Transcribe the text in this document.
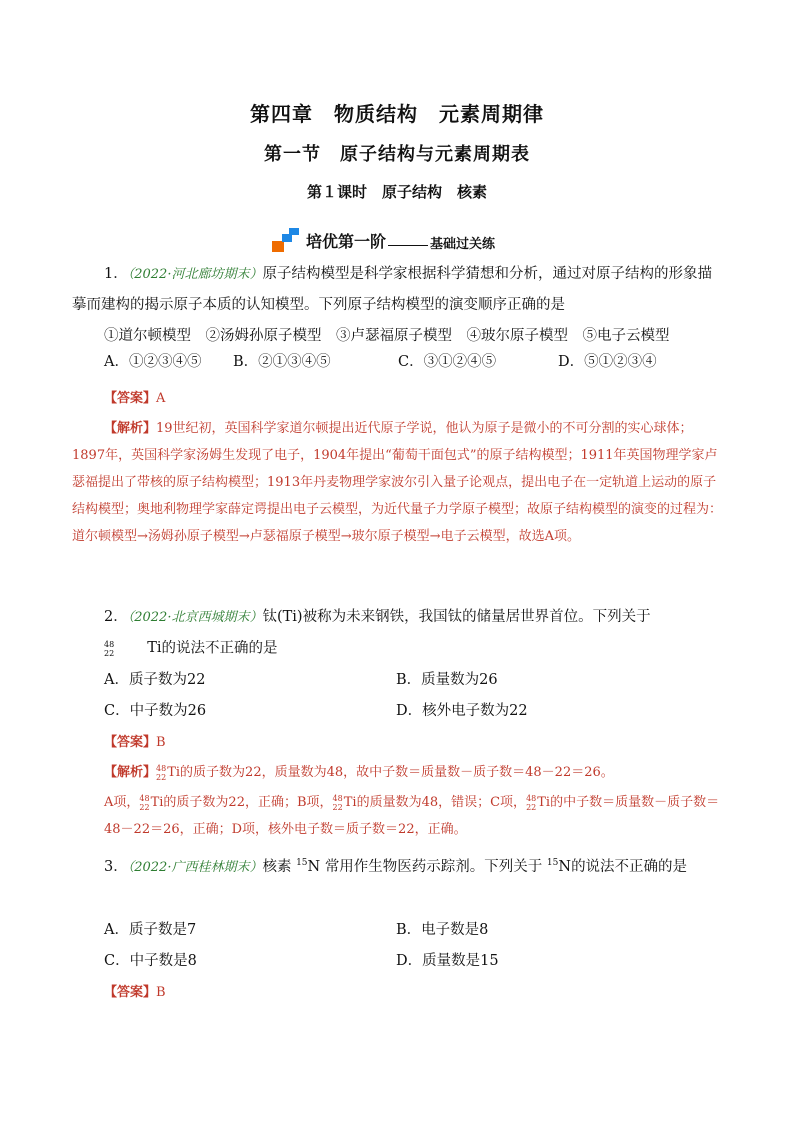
第四章　物质结构　元素周期律
第一节　原子结构与元素周期表
第１课时　原子结构　核素
培优第一阶	基础过关练
1．（2022·河北廊坊期末）原子结构模型是科学家根据科学猜想和分析，通过对原子结构的形象描摹而建构的揭示原子本质的认知模型。下列原子结构模型的演变顺序正确的是
①道尔顿模型　②汤姆孙原子模型　③卢瑟福原子模型　④玻尔原子模型　⑤电子云模型
A．①②③④⑤ B．②①③④⑤	C．③①②④⑤	D．⑤①②③④
【答案】A
【解析】19世纪初，英国科学家道尔顿提出近代原子学说，他认为原子是微小的不可分割的实心球体；1897年，英国科学家汤姆生发现了电子，1904年提出“葡萄干面包式”的原子结构模型；1911年英国物理学家卢瑟福提出了带核的原子结构模型；1913年丹麦物理学家波尔引入量子论观点，提出电子在一定轨道上运动的原子结构模型；奥地利物理学家薛定谔提出电子云模型，为近代量子力学原子模型；故原子结构模型的演变的过程为：道尔顿模型→汤姆孙原子模型→卢瑟福原子模型→玻尔原子模型→电子云模型，故选A项。
2．（2022·北京西城期末）钛(Ti)被称为未来钢铁，我国钛的储量居世界首位。下列关于
48
22	Ti 的说法不正确的是
A．质子数为22	B．质量数为26
C．中子数为26	D．核外电子数为22
【答案】B
【解析】 48
22 Ti 的质子数为22，质量数为48，故中子数＝质量数－质子数＝48－22＝26。
A项， 48
22 Ti 的质子数为22，正确；B项， 48
22 Ti 的质量数为48，错误；C项， 48
22 Ti 的中子数＝质量数－质子数＝48－22＝26，正确；D项，核外电子数＝质子数＝22，正确。
3．（2022·广西桂林期末）核素 $^{15}$N 常用作生物医药示踪剂。下列关于 $^{15}$N的说法不正确的是
A．质子数是7	B．电子数是8
C．中子数是8	D．质量数是15
【答案】B
